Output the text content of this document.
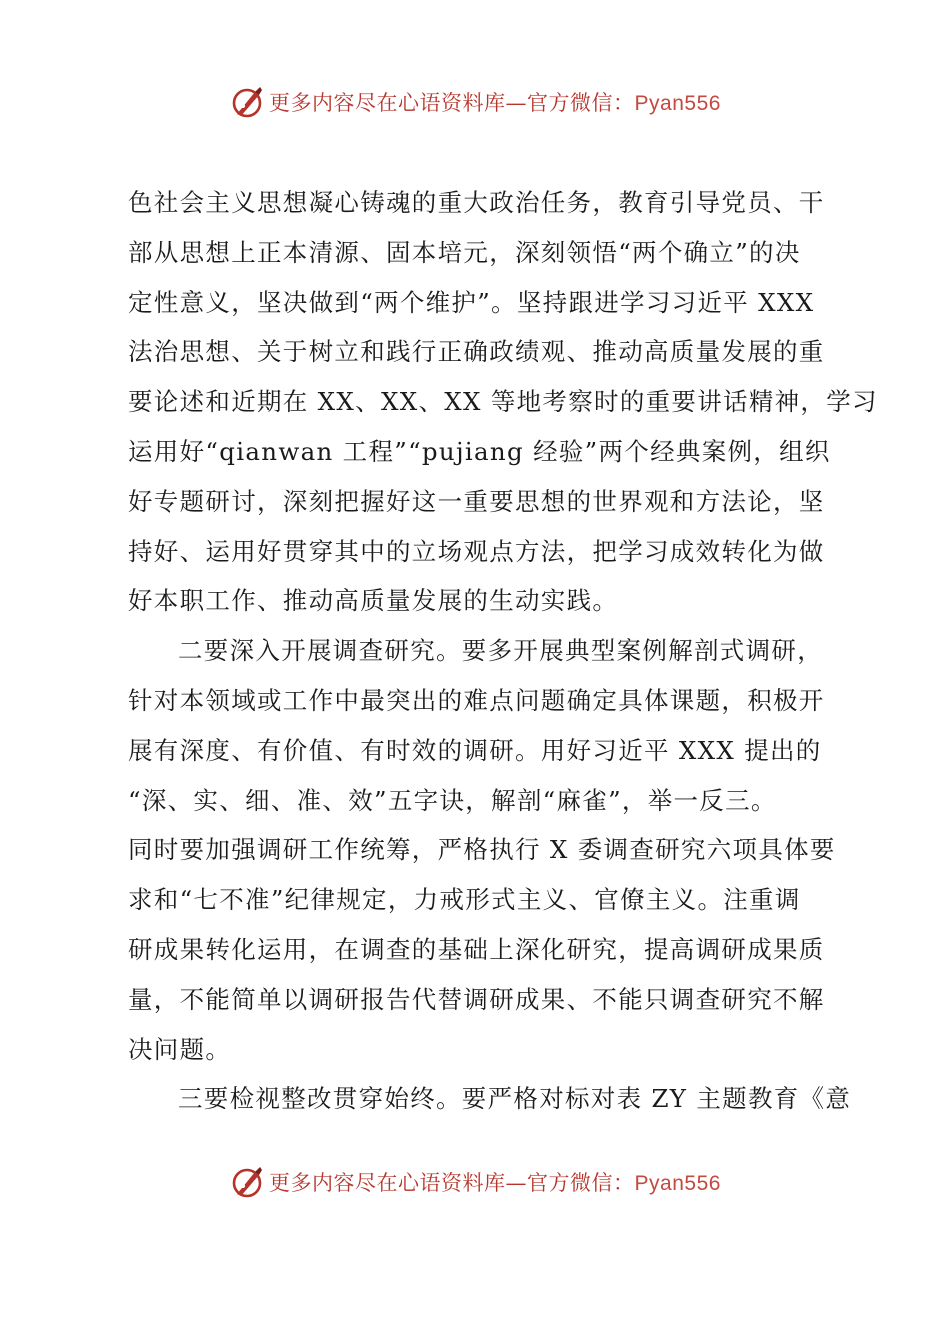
更多内容尽在心语资料库—官方微信：Pyan556
色社会主义思想凝心铸魂的重大政治任务，教育引导党员、干
部从思想上正本清源、固本培元，深刻领悟“两个确立”的决
定性意义，坚决做到“两个维护”。坚持跟进学习习近平 XXX
法治思想、关于树立和践行正确政绩观、推动高质量发展的重
要论述和近期在 XX、XX、XX 等地考察时的重要讲话精神，学习
运用好“qianwan 工程”“pujiang 经验”两个经典案例，组织
好专题研讨，深刻把握好这一重要思想的世界观和方法论，坚
持好、运用好贯穿其中的立场观点方法，把学习成效转化为做
好本职工作、推动高质量发展的生动实践。
二要深入开展调查研究。要多开展典型案例解剖式调研，
针对本领域或工作中最突出的难点问题确定具体课题，积极开
展有深度、有价值、有时效的调研。用好习近平 XXX 提出的
“深、实、细、准、效”五字诀，解剖“麻雀”，举一反三。
同时要加强调研工作统筹，严格执行 X 委调查研究六项具体要
求和“七不准”纪律规定，力戒形式主义、官僚主义。注重调
研成果转化运用，在调查的基础上深化研究，提高调研成果质
量，不能简单以调研报告代替调研成果、不能只调查研究不解
决问题。
三要检视整改贯穿始终。要严格对标对表 ZY 主题教育《意
更多内容尽在心语资料库—官方微信：Pyan556
